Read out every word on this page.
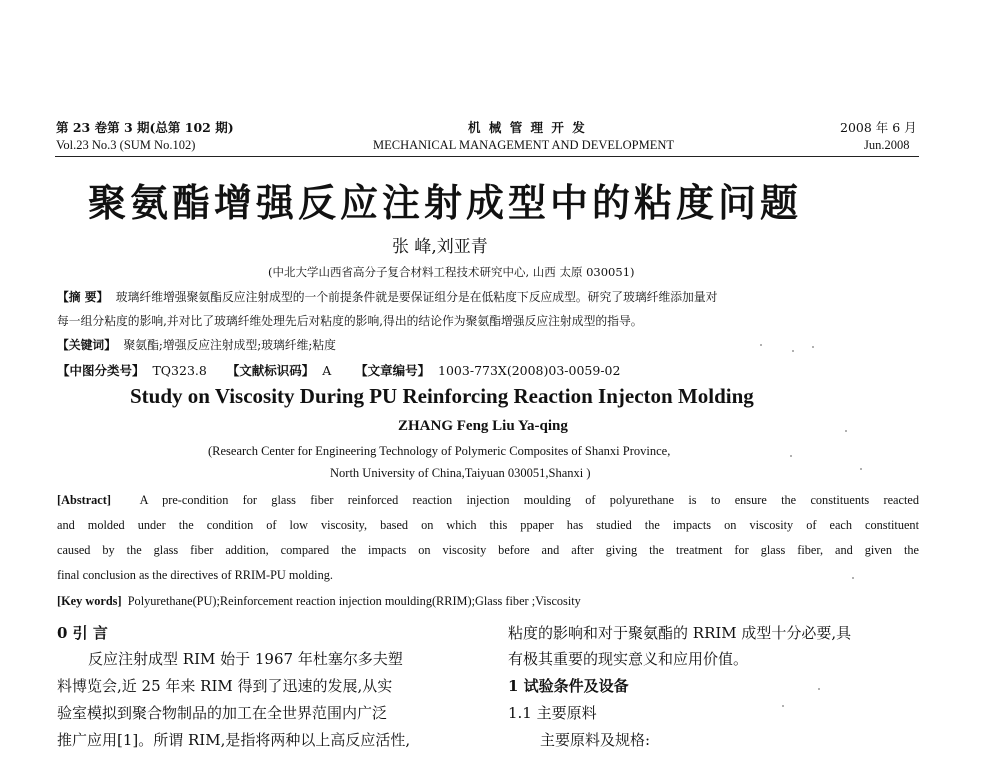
第 23 卷第 3 期(总第 102 期)
Vol.23 No.3 (SUM No.102)
机 械 管 理 开 发
MECHANICAL MANAGEMENT AND DEVELOPMENT
2008 年 6 月
Jun.2008
聚氨酯增强反应注射成型中的粘度问题
张 峰,刘亚青
(中北大学山西省高分子复合材料工程技术研究中心, 山西 太原 030051)
【摘 要】 玻璃纤维增强聚氨酯反应注射成型的一个前提条件就是要保证组分是在低粘度下反应成型。研究了玻璃纤维添加量对
每一组分粘度的影响,并对比了玻璃纤维处理先后对粘度的影响,得出的结论作为聚氨酯增强反应注射成型的指导。
【关键词】 聚氨酯;增强反应注射成型;玻璃纤维;粘度
【中图分类号】 TQ323.8 【文献标识码】 A 【文章编号】 1003-773X(2008)03-0059-02
Study on Viscosity During PU Reinforcing Reaction Injecton Molding
ZHANG Feng Liu Ya-qing
(Research Center for Engineering Technology of Polymeric Composites of Shanxi Province,
North University of China,Taiyuan 030051,Shanxi )
[Abstract] A pre-condition for glass fiber reinforced reaction injection moulding of polyurethane is to ensure the constituents reacted
and molded under the condition of low viscosity, based on which this ppaper has studied the impacts on viscosity of each constituent
caused by the glass fiber addition, compared the impacts on viscosity before and after giving the treatment for glass fiber, and given the
final conclusion as the directives of RRIM-PU molding.
[Key words] Polyurethane(PU);Reinforcement reaction injection moulding(RRIM);Glass fiber ;Viscosity
0 引 言
反应注射成型 RIM 始于 1967 年杜塞尔多夫塑
料博览会,近 25 年来 RIM 得到了迅速的发展,从实
验室模拟到聚合物制品的加工在全世界范围内广泛
推广应用[1]。所谓 RIM,是指将两种以上高反应活性,
粘度的影响和对于聚氨酯的 RRIM 成型十分必要,具
有极其重要的现实意义和应用价值。
1 试验条件及设备
1.1 主要原料
主要原料及规格:
